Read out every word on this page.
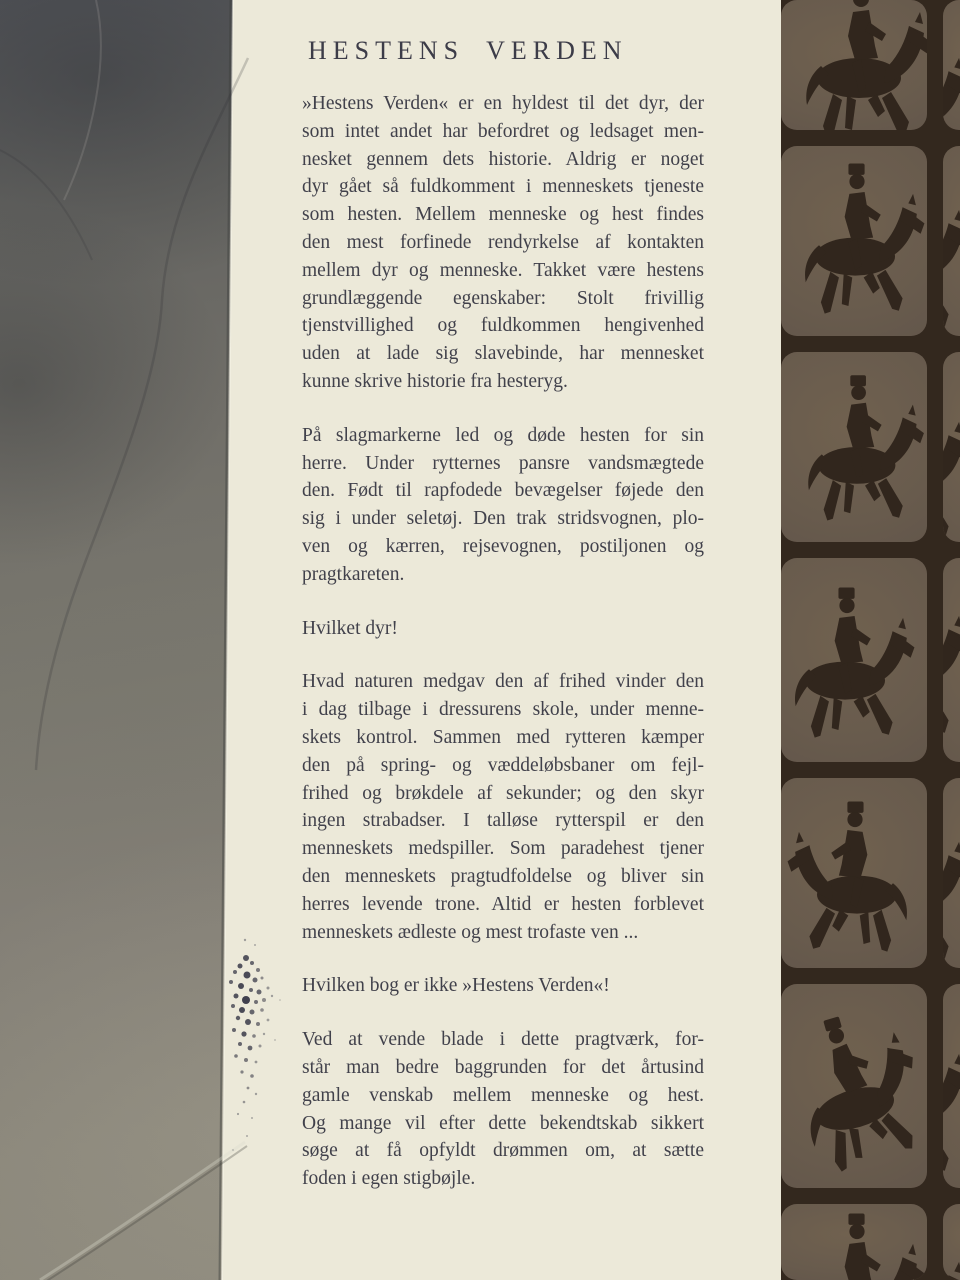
HESTENS VERDEN
»Hestens Verden« er en hyldest til det dyr, der
som intet andet har befordret og ledsaget men-
nesket gennem dets historie. Aldrig er noget
dyr gået så fuldkomment i menneskets tjeneste
som hesten. Mellem menneske og hest findes
den mest forfinede rendyrkelse af kontakten
mellem dyr og menneske. Takket være hestens
grundlæggende egenskaber: Stolt frivillig
tjenstvillighed og fuldkommen hengivenhed
uden at lade sig slavebinde, har mennesket
kunne skrive historie fra hesteryg.
På slagmarkerne led og døde hesten for sin
herre. Under rytternes pansre vandsmægtede
den. Født til rapfodede bevægelser føjede den
sig i under seletøj. Den trak stridsvognen, plo-
ven og kærren, rejsevognen, postiljonen og
pragtkareten.
Hvilket dyr!
Hvad naturen medgav den af frihed vinder den
i dag tilbage i dressurens skole, under menne-
skets kontrol. Sammen med rytteren kæmper
den på spring- og væddeløbsbaner om fejl-
frihed og brøkdele af sekunder; og den skyr
ingen strabadser. I talløse rytterspil er den
menneskets medspiller. Som paradehest tjener
den menneskets pragtudfoldelse og bliver sin
herres levende trone. Altid er hesten forblevet
menneskets ædleste og mest trofaste ven ...
Hvilken bog er ikke »Hestens Verden«!
Ved at vende blade i dette pragtværk, for-
står man bedre baggrunden for det årtusind
gamle venskab mellem menneske og hest.
Og mange vil efter dette bekendtskab sikkert
søge at få opfyldt drømmen om, at sætte
foden i egen stigbøjle.
